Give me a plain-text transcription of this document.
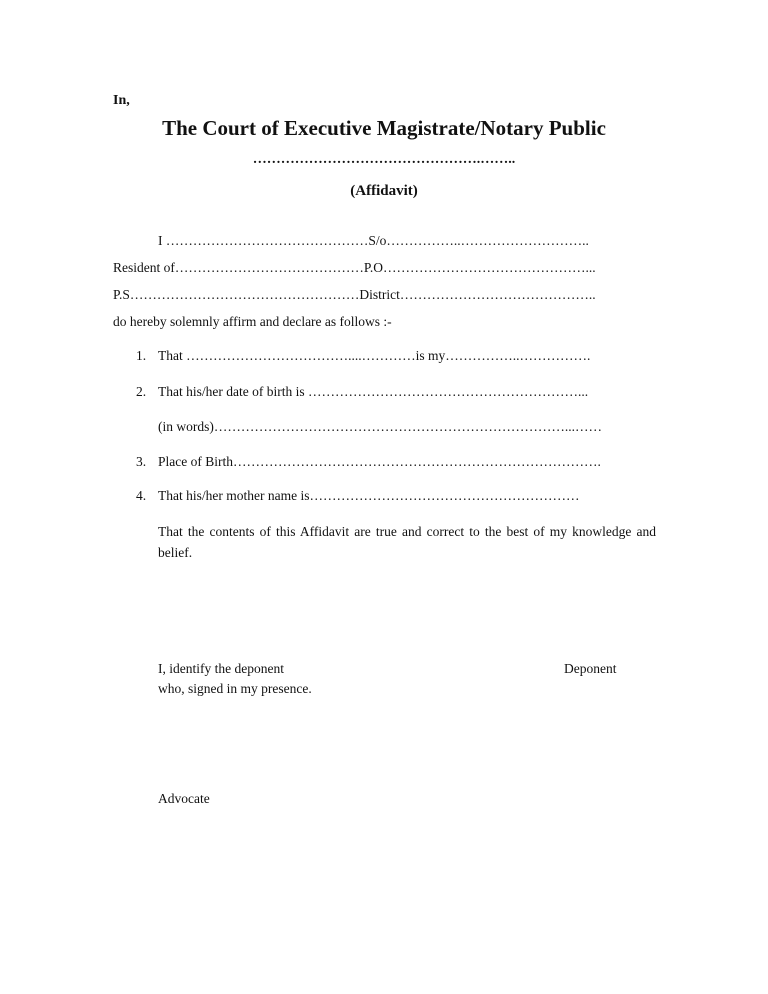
In,
The Court of Executive Magistrate/Notary Public
………………………………………….……..
(Affidavit)
I ………………………………………S/o……………..………………………..
Resident of……………………………………P.O………………………………………...
P.S……………………………………………District……………………………………..
do hereby solemnly affirm and declare as follows :-
1. That ………………………………....…………is my……………..…………….
2. That his/her date of birth is ……………………………………………………...
(in words)……………………………………………………………………...……
3. Place of Birth……………………………………………………………………….
4. That his/her mother name is……………………………………………………
That the contents of this Affidavit are true and correct to the best of my knowledge and belief.
I, identify the deponent
who, signed in my presence.
Deponent
Advocate
